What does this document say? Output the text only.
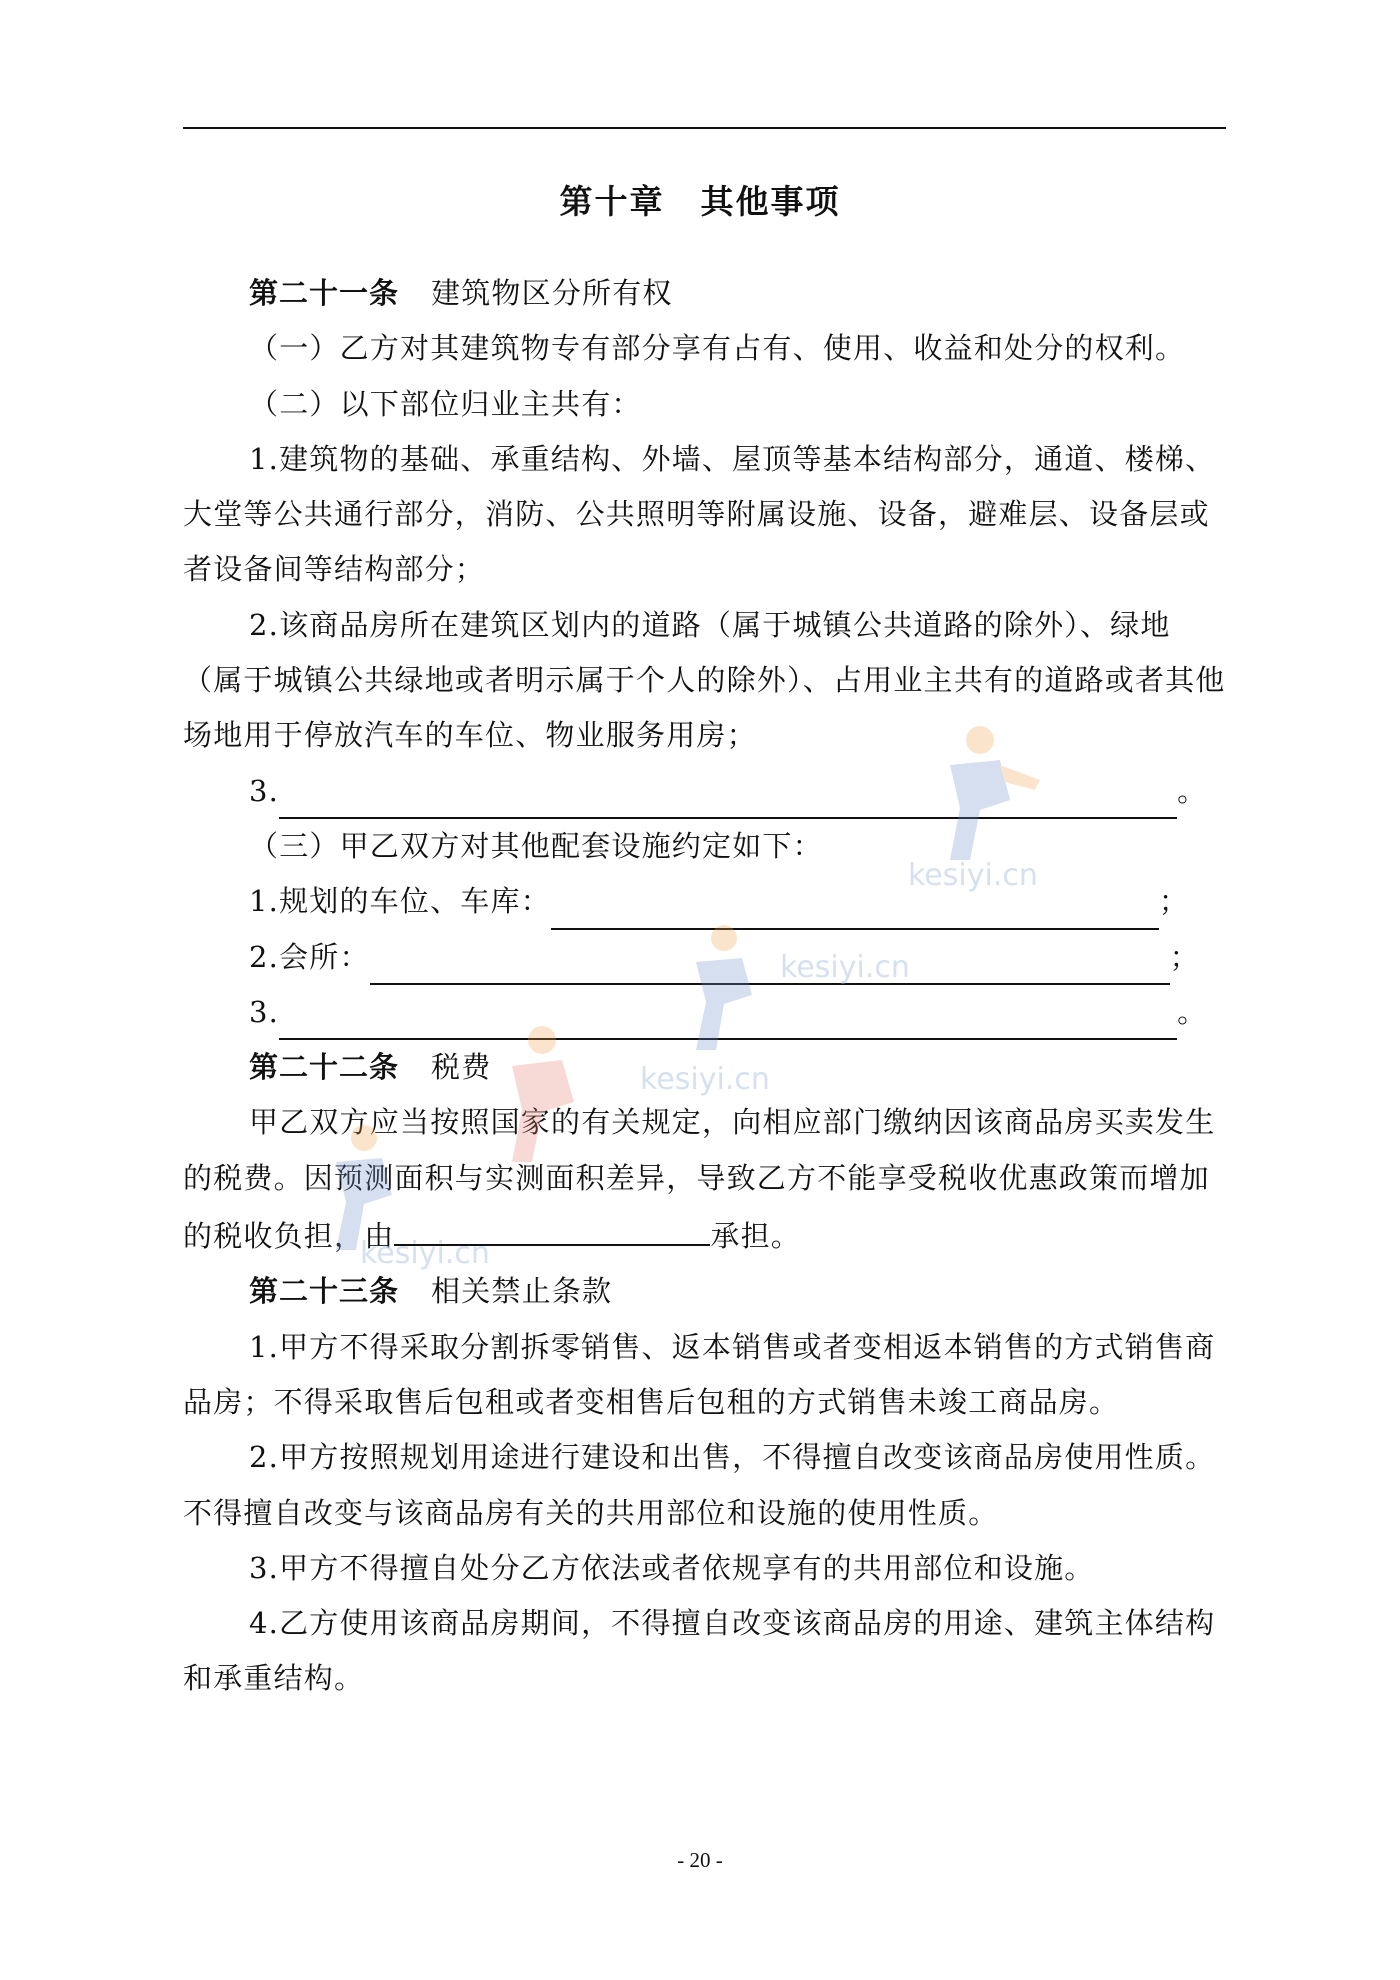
第十章 其他事项

第二十一条 建筑物区分所有权

（一）乙方对其建筑物专有部分享有占有、使用、收益和处分的权利。

（二）以下部位归业主共有：

1.建筑物的基础、承重结构、外墙、屋顶等基本结构部分，通道、楼梯、大堂等公共通行部分，消防、公共照明等附属设施、设备，避难层、设备层或者设备间等结构部分；

2.该商品房所在建筑区划内的道路（属于城镇公共道路的除外）、绿地（属于城镇公共绿地或者明示属于个人的除外）、占用业主共有的道路或者其他场地用于停放汽车的车位、物业服务用房；

3.	。

（三）甲乙双方对其他配套设施约定如下：

1.规划的车位、车库：	；

2.会所：	；

3.	。

第二十二条 税费

甲乙双方应当按照国家的有关规定，向相应部门缴纳因该商品房买卖发生的税费。因预测面积与实测面积差异，导致乙方不能享受税收优惠政策而增加的税收负担，由	承担。

第二十三条 相关禁止条款

1.甲方不得采取分割拆零销售、返本销售或者变相返本销售的方式销售商品房；不得采取售后包租或者变相售后包租的方式销售未竣工商品房。

2.甲方按照规划用途进行建设和出售，不得擅自改变该商品房使用性质。不得擅自改变与该商品房有关的共用部位和设施的使用性质。

3.甲方不得擅自处分乙方依法或者依规享有的共用部位和设施。

4.乙方使用该商品房期间，不得擅自改变该商品房的用途、建筑主体结构和承重结构。

kesiyi.cn
kesiyi.cn
kesiyi.cn
kesiyi.cn
- 20 -
